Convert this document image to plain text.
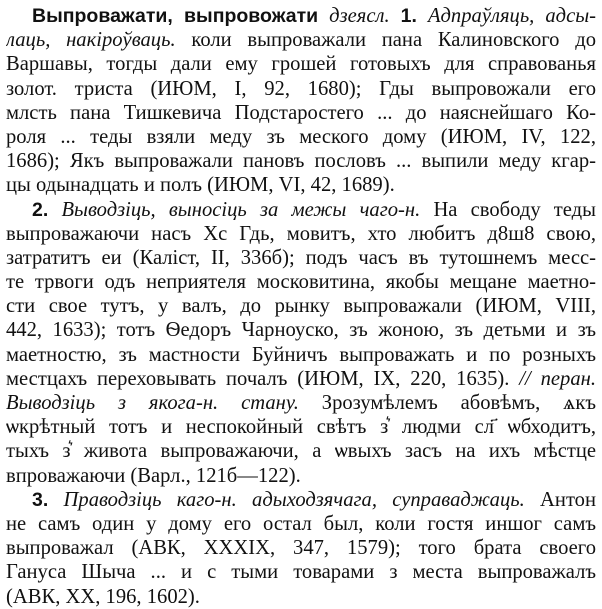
Выпроважати, выпровожати дзеясл. 1. Адпраўляць, адсы-
лаць, накіроўваць. коли выпроважали пана Калиновского до
Варшавы, тогды дали ему грошей готовыхъ для справованья
золот. триста (ИЮМ, I, 92, 1680); Гды выпровожали его
млсть пана Тишкевича Подстаростего ... до наяснейшаго Ко-
роля ... теды взяли меду зъ меского дому (ИЮМ, IV, 122,
1686); Якъ выпроважали пановъ пословъ ... выпили меду кгар-
цы одынадцать и полъ (ИЮМ, VI, 42, 1689).
2. Выводзіць, выносіць за межы чаго-н. На свободу теды
выпроважаючи насъ Хс Гдь, мовитъ, хто любитъ д8ш8 свою,
затратитъ еи (Каліст, II, 336б); подъ часъ въ тутошнемъ месс-
те трвоги одъ неприятеля московитина, якобы мещане маетно-
сти свое тутъ, у валъ, до рынку выпроважали (ИЮМ, VIII,
442, 1633); тотъ Ѳедоръ Чарноуско, зъ жоною, зъ детьми и зъ
маетностю, зъ мастности Буйничъ выпроважать и по розныхъ
местцахъ переховывать почалъ (ИЮМ, IX, 220, 1635). // перан.
Выводзіць з якога-н. стану. Зрозумѣлемъ абовѣмъ, ѧкъ
ѡкрѣтный тотъ и неспокойный свѣтъ з͛ людми сл҃ ѡбходитъ,
тыхъ з͛ живота выпроважаючи, а ѡвыхъ засъ на ихъ мѣстце
впроважаючи (Варл., 121б—122).
3. Праводзіць каго-н. адыходзячага, суправаджаць. Антон
не самъ один у дому его остал был, коли гостя иншог самъ
выпроважал (АВК, XXXIX, 347, 1579); того брата своего
Гануса Шыча ... и с тыми товарами з места выпроважалъ
(АВК, XX, 196, 1602).
